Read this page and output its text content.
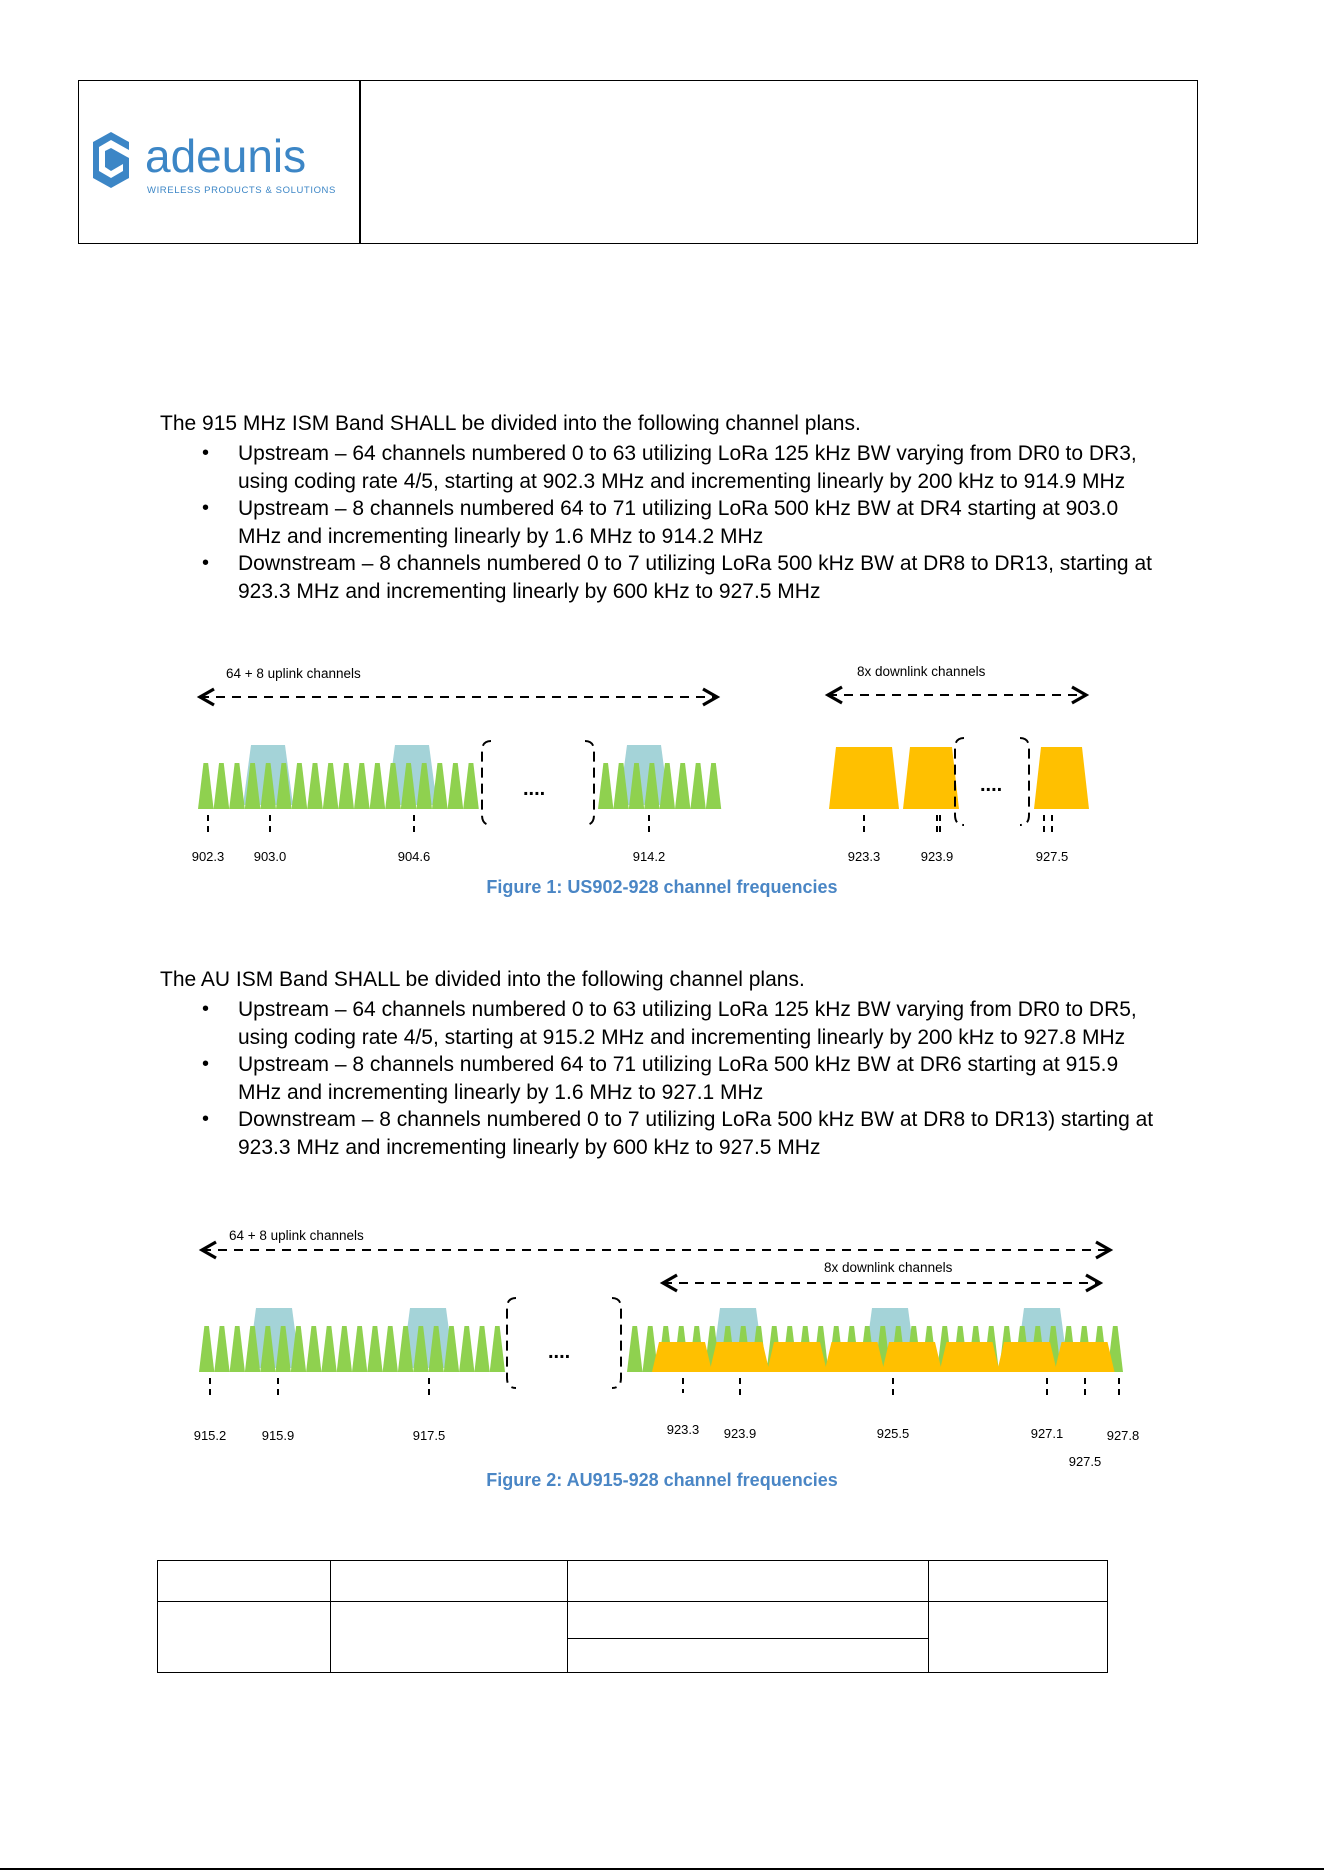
adeunis
WIRELESS PRODUCTS & SOLUTIONS

The 915 MHz ISM Band SHALL be divided into the following channel plans.

• Upstream – 64 channels numbered 0 to 63 utilizing LoRa 125 kHz BW varying from DR0 to DR3, using coding rate 4/5, starting at 902.3 MHz and incrementing linearly by 200 kHz to 914.9 MHz
• Upstream – 8 channels numbered 64 to 71 utilizing LoRa 500 kHz BW at DR4 starting at 903.0 MHz and incrementing linearly by 1.6 MHz to 914.2 MHz
• Downstream – 8 channels numbered 0 to 7 utilizing LoRa 500 kHz BW at DR8 to DR13, starting at 923.3 MHz and incrementing linearly by 600 kHz to 927.5 MHz
64 + 8 uplink channels	8x downlink channels
....	....
902.3 903.0	904.6	914.2	923.3	923.9	927.5
Figure 1: US902-928 channel frequencies

The AU ISM Band SHALL be divided into the following channel plans.

• Upstream – 64 channels numbered 0 to 63 utilizing LoRa 125 kHz BW varying from DR0 to DR5, using coding rate 4/5, starting at 915.2 MHz and incrementing linearly by 200 kHz to 927.8 MHz
• Upstream – 8 channels numbered 64 to 71 utilizing LoRa 500 kHz BW at DR6 starting at 915.9 MHz and incrementing linearly by 1.6 MHz to 927.1 MHz
• Downstream – 8 channels numbered 0 to 7 utilizing LoRa 500 kHz BW at DR8 to DR13) starting at 923.3 MHz and incrementing linearly by 600 kHz to 927.5 MHz
64 + 8 uplink channels
8x downlink channels
....
915.2	915.9	917.5	923.3 923.9	925.5	927.1
927.5
927.8
Figure 2: AU915-928 channel frequencies
